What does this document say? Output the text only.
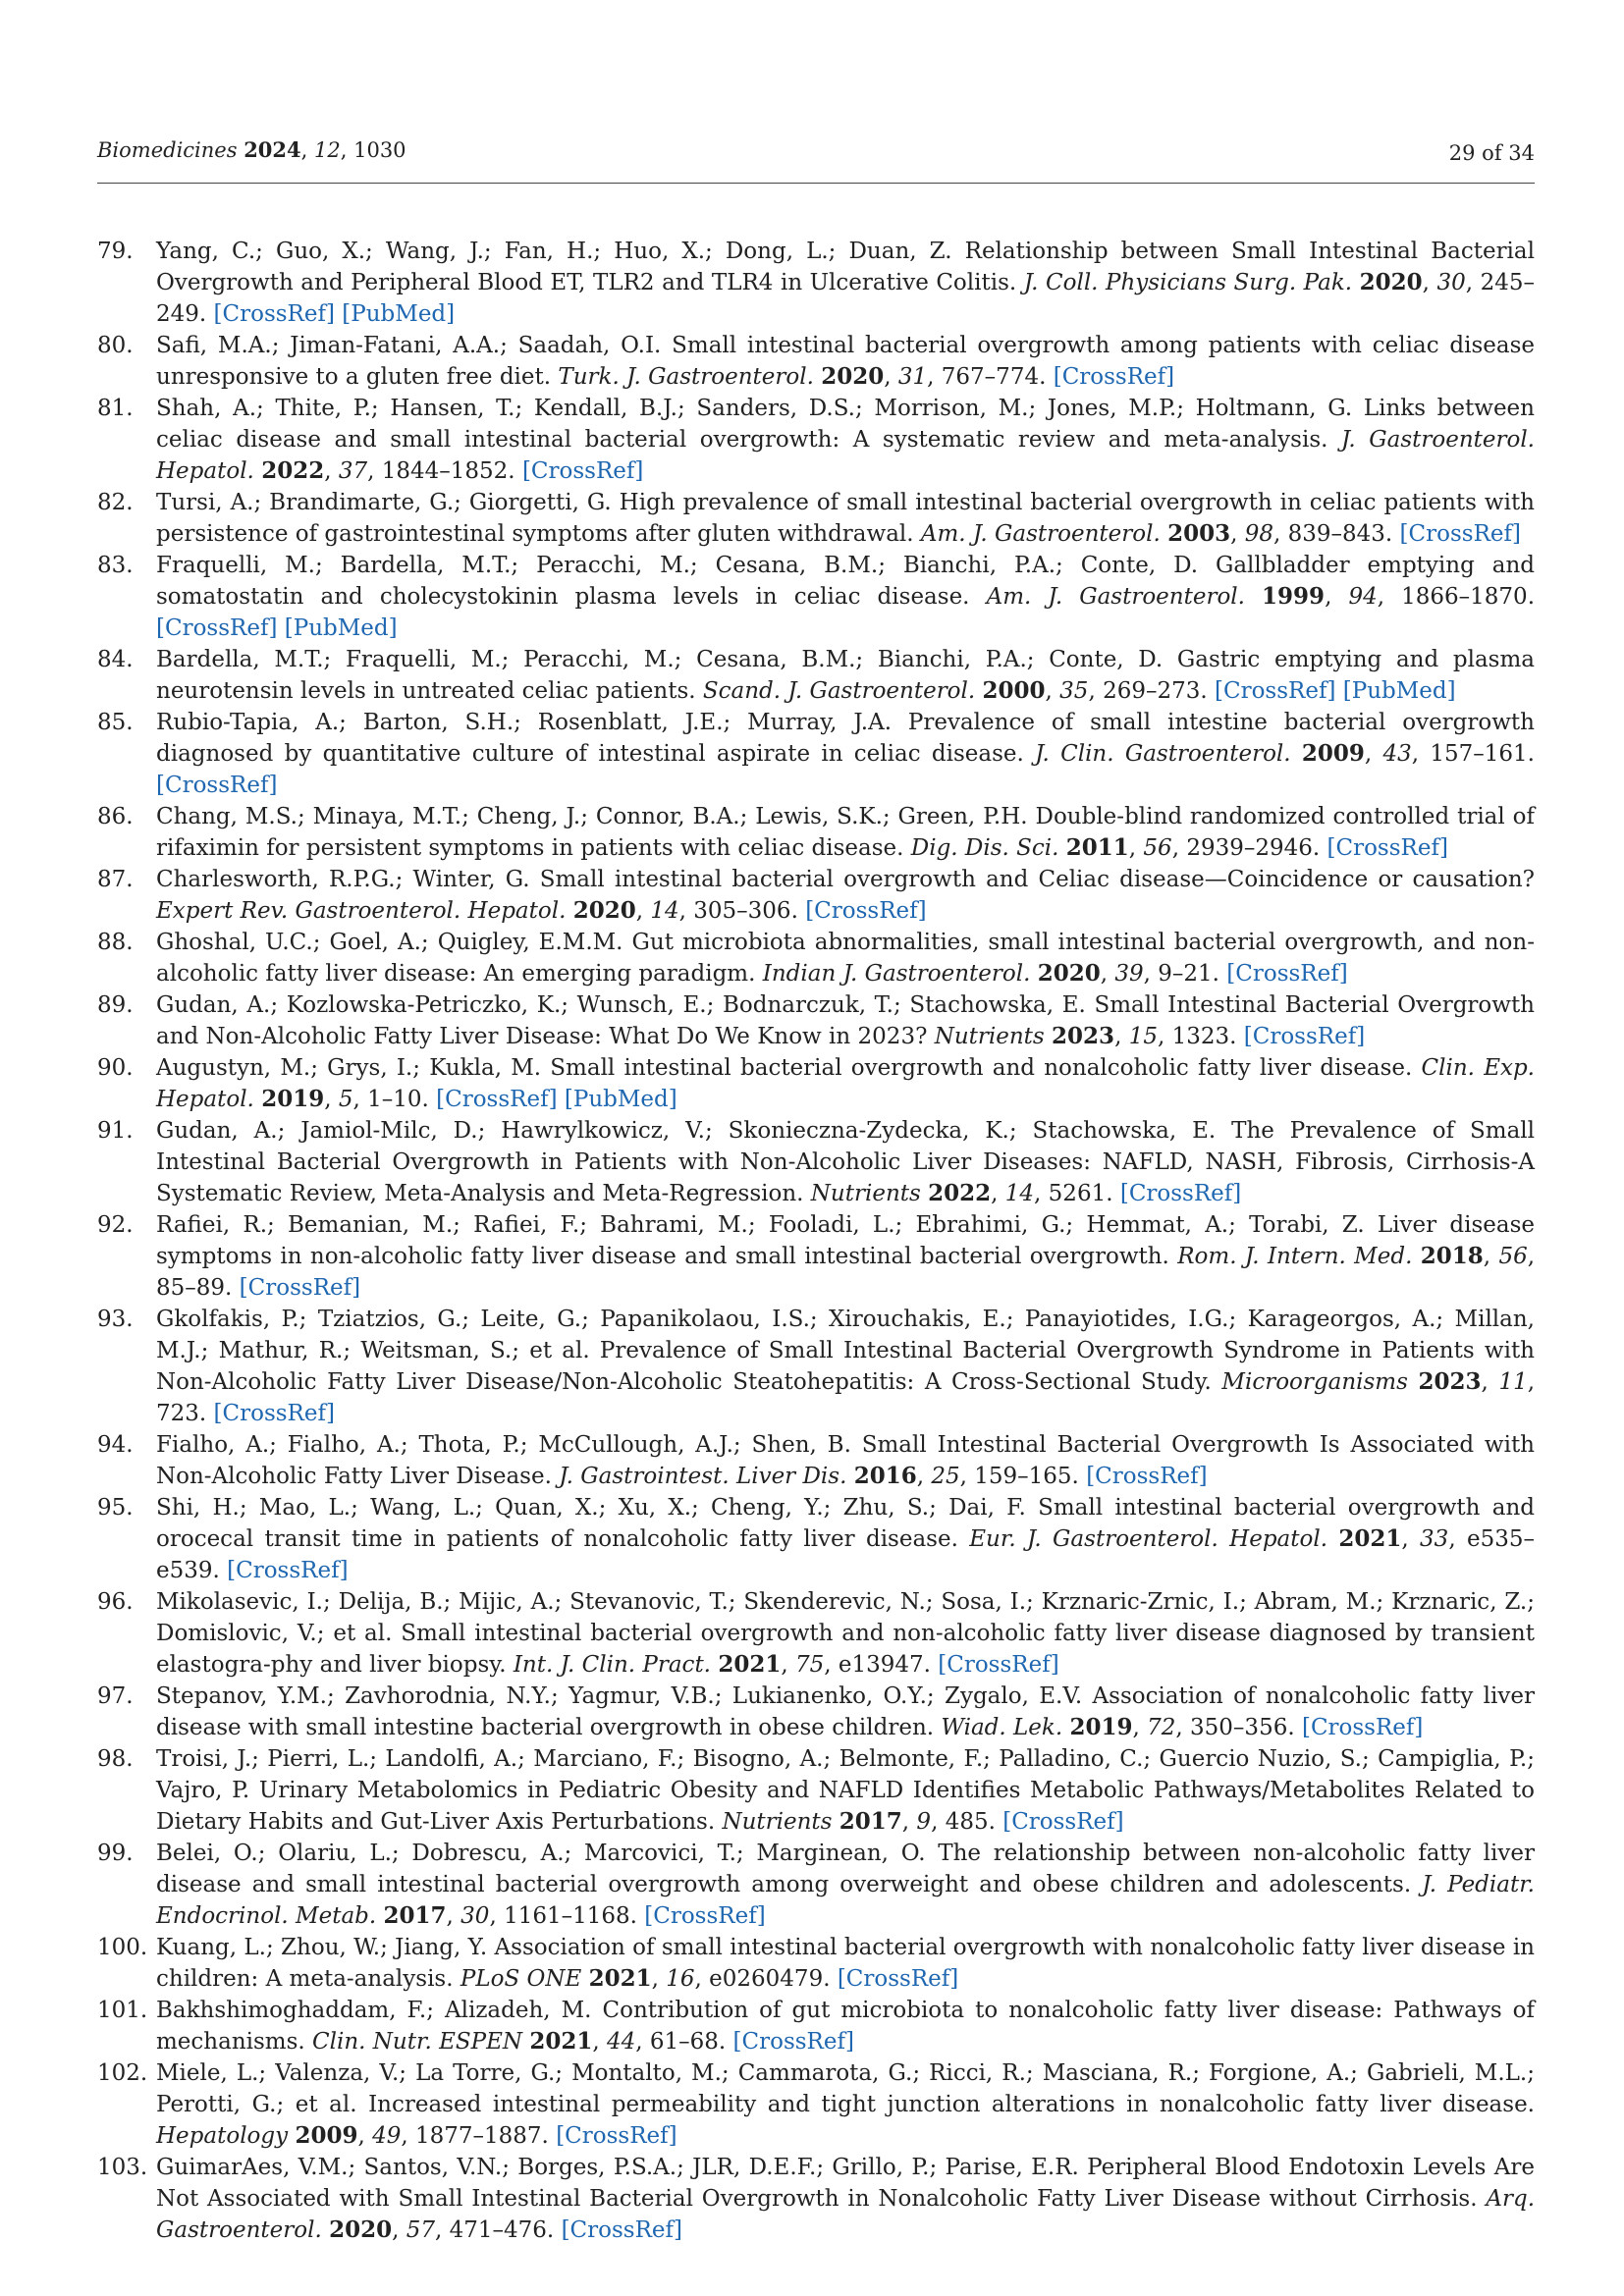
Biomedicines 2024, 12, 1030	29 of 34
79. Yang, C.; Guo, X.; Wang, J.; Fan, H.; Huo, X.; Dong, L.; Duan, Z. Relationship between Small Intestinal Bacterial Overgrowth and Peripheral Blood ET, TLR2 and TLR4 in Ulcerative Colitis. J. Coll. Physicians Surg. Pak. 2020, 30, 245–249. [CrossRef] [PubMed]
80. Safi, M.A.; Jiman-Fatani, A.A.; Saadah, O.I. Small intestinal bacterial overgrowth among patients with celiac disease unresponsive to a gluten free diet. Turk. J. Gastroenterol. 2020, 31, 767–774. [CrossRef]
81. Shah, A.; Thite, P.; Hansen, T.; Kendall, B.J.; Sanders, D.S.; Morrison, M.; Jones, M.P.; Holtmann, G. Links between celiac disease and small intestinal bacterial overgrowth: A systematic review and meta-analysis. J. Gastroenterol. Hepatol. 2022, 37, 1844–1852. [CrossRef]
82. Tursi, A.; Brandimarte, G.; Giorgetti, G. High prevalence of small intestinal bacterial overgrowth in celiac patients with persistence of gastrointestinal symptoms after gluten withdrawal. Am. J. Gastroenterol. 2003, 98, 839–843. [CrossRef]
83. Fraquelli, M.; Bardella, M.T.; Peracchi, M.; Cesana, B.M.; Bianchi, P.A.; Conte, D. Gallbladder emptying and somatostatin and cholecystokinin plasma levels in celiac disease. Am. J. Gastroenterol. 1999, 94, 1866–1870. [CrossRef] [PubMed]
84. Bardella, M.T.; Fraquelli, M.; Peracchi, M.; Cesana, B.M.; Bianchi, P.A.; Conte, D. Gastric emptying and plasma neurotensin levels in untreated celiac patients. Scand. J. Gastroenterol. 2000, 35, 269–273. [CrossRef] [PubMed]
85. Rubio-Tapia, A.; Barton, S.H.; Rosenblatt, J.E.; Murray, J.A. Prevalence of small intestine bacterial overgrowth diagnosed by quantitative culture of intestinal aspirate in celiac disease. J. Clin. Gastroenterol. 2009, 43, 157–161. [CrossRef]
86. Chang, M.S.; Minaya, M.T.; Cheng, J.; Connor, B.A.; Lewis, S.K.; Green, P.H. Double-blind randomized controlled trial of rifaximin for persistent symptoms in patients with celiac disease. Dig. Dis. Sci. 2011, 56, 2939–2946. [CrossRef]
87. Charlesworth, R.P.G.; Winter, G. Small intestinal bacterial overgrowth and Celiac disease—Coincidence or causation? Expert Rev. Gastroenterol. Hepatol. 2020, 14, 305–306. [CrossRef]
88. Ghoshal, U.C.; Goel, A.; Quigley, E.M.M. Gut microbiota abnormalities, small intestinal bacterial overgrowth, and non-alcoholic fatty liver disease: An emerging paradigm. Indian J. Gastroenterol. 2020, 39, 9–21. [CrossRef]
89. Gudan, A.; Kozlowska-Petriczko, K.; Wunsch, E.; Bodnarczuk, T.; Stachowska, E. Small Intestinal Bacterial Overgrowth and Non-Alcoholic Fatty Liver Disease: What Do We Know in 2023? Nutrients 2023, 15, 1323. [CrossRef]
90. Augustyn, M.; Grys, I.; Kukla, M. Small intestinal bacterial overgrowth and nonalcoholic fatty liver disease. Clin. Exp. Hepatol. 2019, 5, 1–10. [CrossRef] [PubMed]
91. Gudan, A.; Jamiol-Milc, D.; Hawrylkowicz, V.; Skonieczna-Zydecka, K.; Stachowska, E. The Prevalence of Small Intestinal Bacterial Overgrowth in Patients with Non-Alcoholic Liver Diseases: NAFLD, NASH, Fibrosis, Cirrhosis-A Systematic Review, Meta-Analysis and Meta-Regression. Nutrients 2022, 14, 5261. [CrossRef]
92. Rafiei, R.; Bemanian, M.; Rafiei, F.; Bahrami, M.; Fooladi, L.; Ebrahimi, G.; Hemmat, A.; Torabi, Z. Liver disease symptoms in non-alcoholic fatty liver disease and small intestinal bacterial overgrowth. Rom. J. Intern. Med. 2018, 56, 85–89. [CrossRef]
93. Gkolfakis, P.; Tziatzios, G.; Leite, G.; Papanikolaou, I.S.; Xirouchakis, E.; Panayiotides, I.G.; Karageorgos, A.; Millan, M.J.; Mathur, R.; Weitsman, S.; et al. Prevalence of Small Intestinal Bacterial Overgrowth Syndrome in Patients with Non-Alcoholic Fatty Liver Disease/Non-Alcoholic Steatohepatitis: A Cross-Sectional Study. Microorganisms 2023, 11, 723. [CrossRef]
94. Fialho, A.; Fialho, A.; Thota, P.; McCullough, A.J.; Shen, B. Small Intestinal Bacterial Overgrowth Is Associated with Non-Alcoholic Fatty Liver Disease. J. Gastrointest. Liver Dis. 2016, 25, 159–165. [CrossRef]
95. Shi, H.; Mao, L.; Wang, L.; Quan, X.; Xu, X.; Cheng, Y.; Zhu, S.; Dai, F. Small intestinal bacterial overgrowth and orocecal transit time in patients of nonalcoholic fatty liver disease. Eur. J. Gastroenterol. Hepatol. 2021, 33, e535–e539. [CrossRef]
96. Mikolasevic, I.; Delija, B.; Mijic, A.; Stevanovic, T.; Skenderevic, N.; Sosa, I.; Krznaric-Zrnic, I.; Abram, M.; Krznaric, Z.; Domislovic, V.; et al. Small intestinal bacterial overgrowth and non-alcoholic fatty liver disease diagnosed by transient elastogra-phy and liver biopsy. Int. J. Clin. Pract. 2021, 75, e13947. [CrossRef]
97. Stepanov, Y.M.; Zavhorodnia, N.Y.; Yagmur, V.B.; Lukianenko, O.Y.; Zygalo, E.V. Association of nonalcoholic fatty liver disease with small intestine bacterial overgrowth in obese children. Wiad. Lek. 2019, 72, 350–356. [CrossRef]
98. Troisi, J.; Pierri, L.; Landolfi, A.; Marciano, F.; Bisogno, A.; Belmonte, F.; Palladino, C.; Guercio Nuzio, S.; Campiglia, P.; Vajro, P. Urinary Metabolomics in Pediatric Obesity and NAFLD Identifies Metabolic Pathways/Metabolites Related to Dietary Habits and Gut-Liver Axis Perturbations. Nutrients 2017, 9, 485. [CrossRef]
99. Belei, O.; Olariu, L.; Dobrescu, A.; Marcovici, T.; Marginean, O. The relationship between non-alcoholic fatty liver disease and small intestinal bacterial overgrowth among overweight and obese children and adolescents. J. Pediatr. Endocrinol. Metab. 2017, 30, 1161–1168. [CrossRef]
100. Kuang, L.; Zhou, W.; Jiang, Y. Association of small intestinal bacterial overgrowth with nonalcoholic fatty liver disease in children: A meta-analysis. PLoS ONE 2021, 16, e0260479. [CrossRef]
101. Bakhshimoghaddam, F.; Alizadeh, M. Contribution of gut microbiota to nonalcoholic fatty liver disease: Pathways of mechanisms. Clin. Nutr. ESPEN 2021, 44, 61–68. [CrossRef]
102. Miele, L.; Valenza, V.; La Torre, G.; Montalto, M.; Cammarota, G.; Ricci, R.; Masciana, R.; Forgione, A.; Gabrieli, M.L.; Perotti, G.; et al. Increased intestinal permeability and tight junction alterations in nonalcoholic fatty liver disease. Hepatology 2009, 49, 1877–1887. [CrossRef]
103. GuimarAes, V.M.; Santos, V.N.; Borges, P.S.A.; JLR, D.E.F.; Grillo, P.; Parise, E.R. Peripheral Blood Endotoxin Levels Are Not Associated with Small Intestinal Bacterial Overgrowth in Nonalcoholic Fatty Liver Disease without Cirrhosis. Arq. Gastroenterol. 2020, 57, 471–476. [CrossRef]
